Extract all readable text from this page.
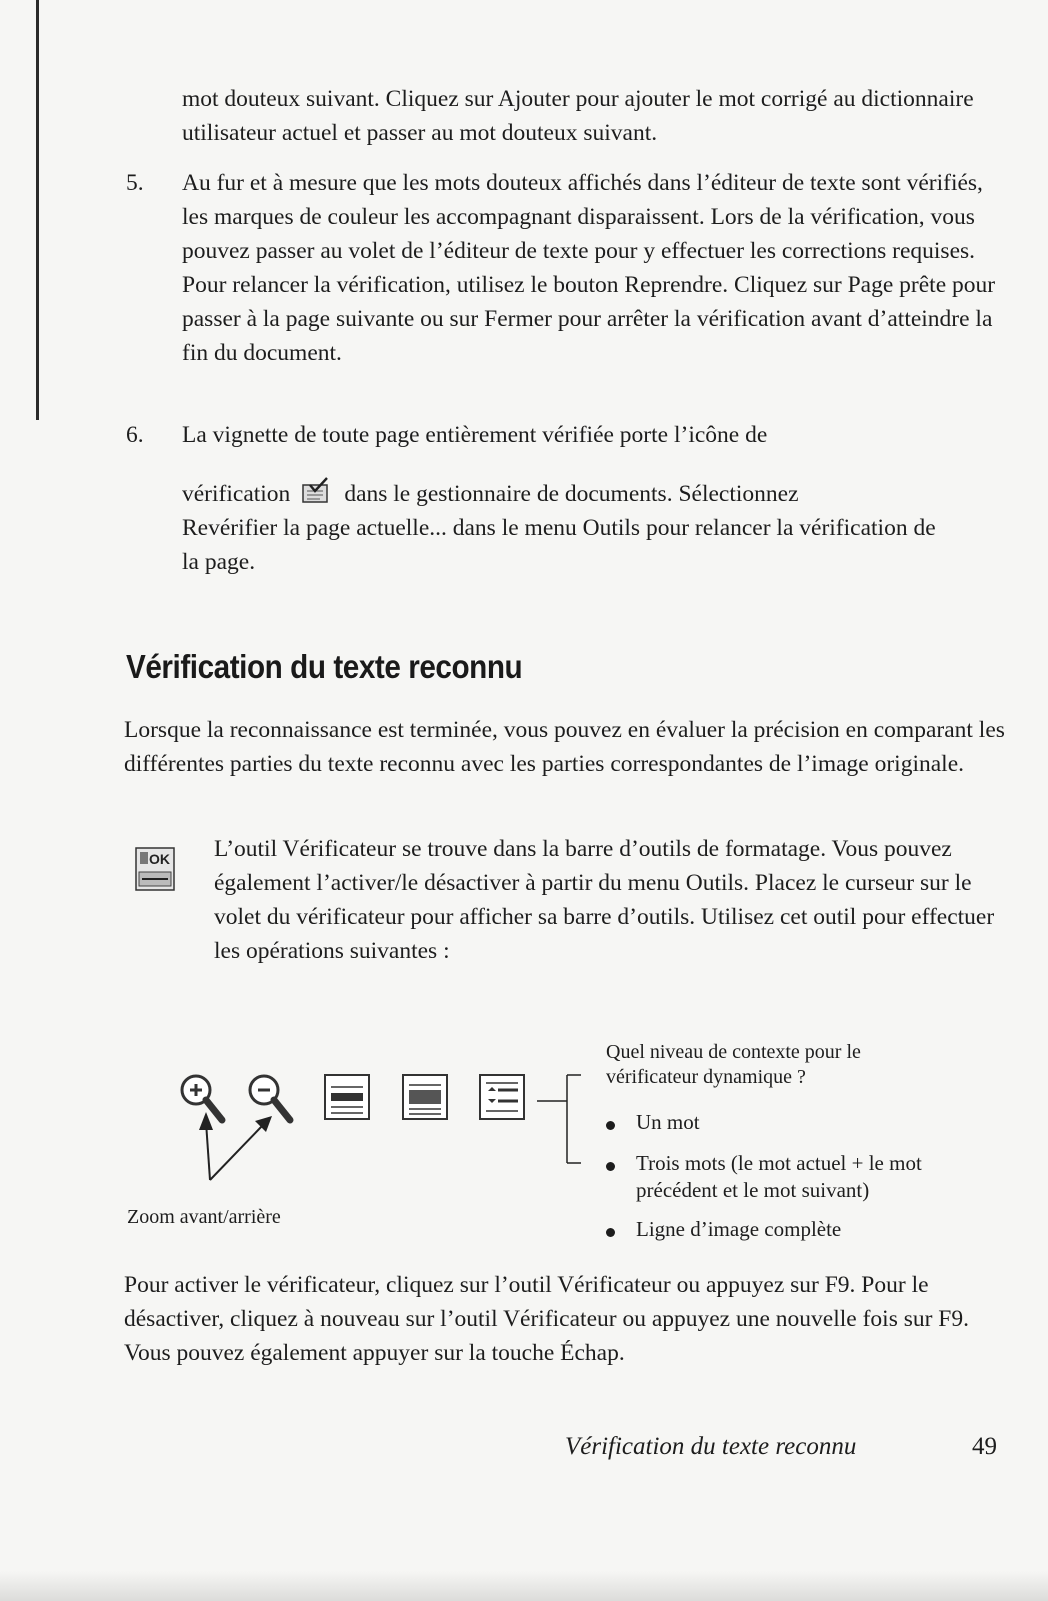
mot douteux suivant. Cliquez sur Ajouter pour ajouter le mot corrigé au dictionnaire utilisateur actuel et passer au mot douteux suivant.

5. Au fur et à mesure que les mots douteux affichés dans l’éditeur de texte sont vérifiés, les marques de couleur les accompagnant disparaissent. Lors de la vérification, vous pouvez passer au volet de l’éditeur de texte pour y effectuer les corrections requises. Pour relancer la vérification, utilisez le bouton Reprendre. Cliquez sur Page prête pour passer à la page suivante ou sur Fermer pour arrêter la vérification avant d’atteindre la fin du document.

6. La vignette de toute page entièrement vérifiée porte l’icône de

vérification dans le gestionnaire de documents. Sélectionnez

Revérifier la page actuelle... dans le menu Outils pour relancer la vérification de la page.

Vérification du texte reconnu

Lorsque la reconnaissance est terminée, vous pouvez en évaluer la précision en comparant les différentes parties du texte reconnu avec les parties correspondantes de l’image originale.

OK L’outil Vérificateur se trouve dans la barre d’outils de formatage. Vous pouvez également l’activer/le désactiver à partir du menu Outils. Placez le curseur sur le volet du vérificateur pour afficher sa barre d’outils. Utilisez cet outil pour effectuer les opérations suivantes :

Zoom avant/arrière
Quel niveau de contexte pour le vérificateur dynamique ?
Un mot
Trois mots (le mot actuel + le mot précédent et le mot suivant)
Ligne d’image complète

Pour activer le vérificateur, cliquez sur l’outil Vérificateur ou appuyez sur F9. Pour le désactiver, cliquez à nouveau sur l’outil Vérificateur ou appuyez une nouvelle fois sur F9. Vous pouvez également appuyer sur la touche Échap.

Vérification du texte reconnu	49
